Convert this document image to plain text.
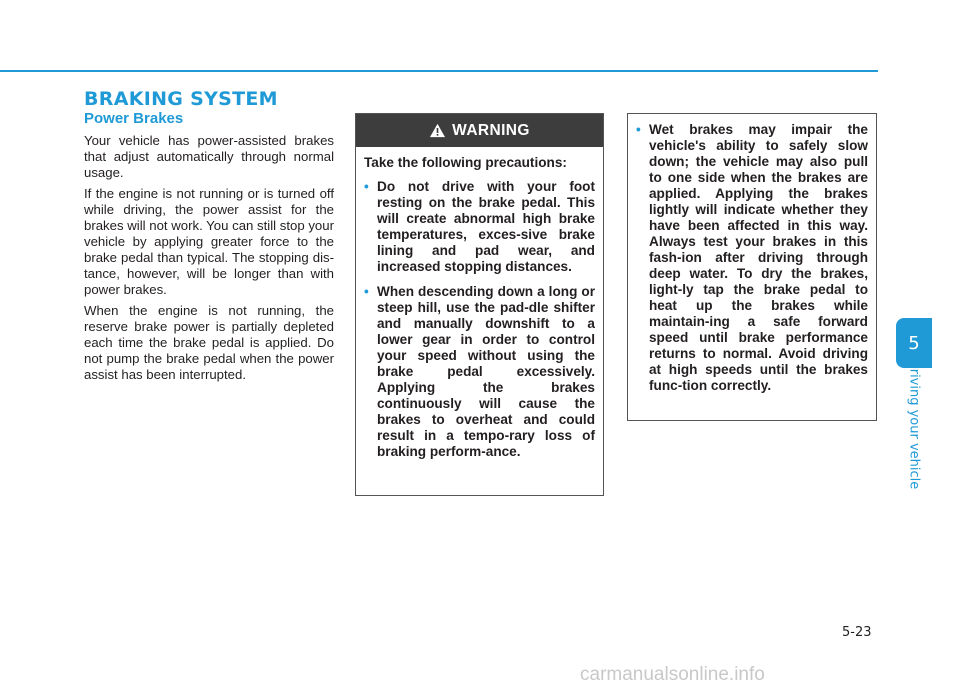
BRAKING SYSTEM
Power Brakes

Your vehicle has power-assisted brakes that adjust automatically through normal usage.

If the engine is not running or is turned off while driving, the power assist for the brakes will not work. You can still stop your vehicle by applying greater force to the brake pedal than typical. The stopping dis-tance, however, will be longer than with power brakes.

When the engine is not running, the reserve brake power is partially depleted each time the brake pedal is applied. Do not pump the brake pedal when the power assist has been interrupted.

WARNING

Take the following precautions:

• Do not drive with your foot resting on the brake pedal. This will create abnormal high brake temperatures, exces-sive brake lining and pad wear, and increased stopping distances.
• When descending down a long or steep hill, use the pad-dle shifter and manually downshift to a lower gear in order to control your speed without using the brake pedal excessively. Applying the brakes continuously will cause the brakes to overheat and could result in a tempo-rary loss of braking perform-ance.
• Wet brakes may impair the vehicle's ability to safely slow down; the vehicle may also pull to one side when the brakes are applied. Applying the brakes lightly will indicate whether they have been affected in this way. Always test your brakes in this fash-ion after driving through deep water. To dry the brakes, light-ly tap the brake pedal to heat up the brakes while maintain-ing a safe forward speed until brake performance returns to normal. Avoid driving at high speeds until the brakes func-tion correctly.
5
Driving your vehicle
5-23
carmanualsonline.info
